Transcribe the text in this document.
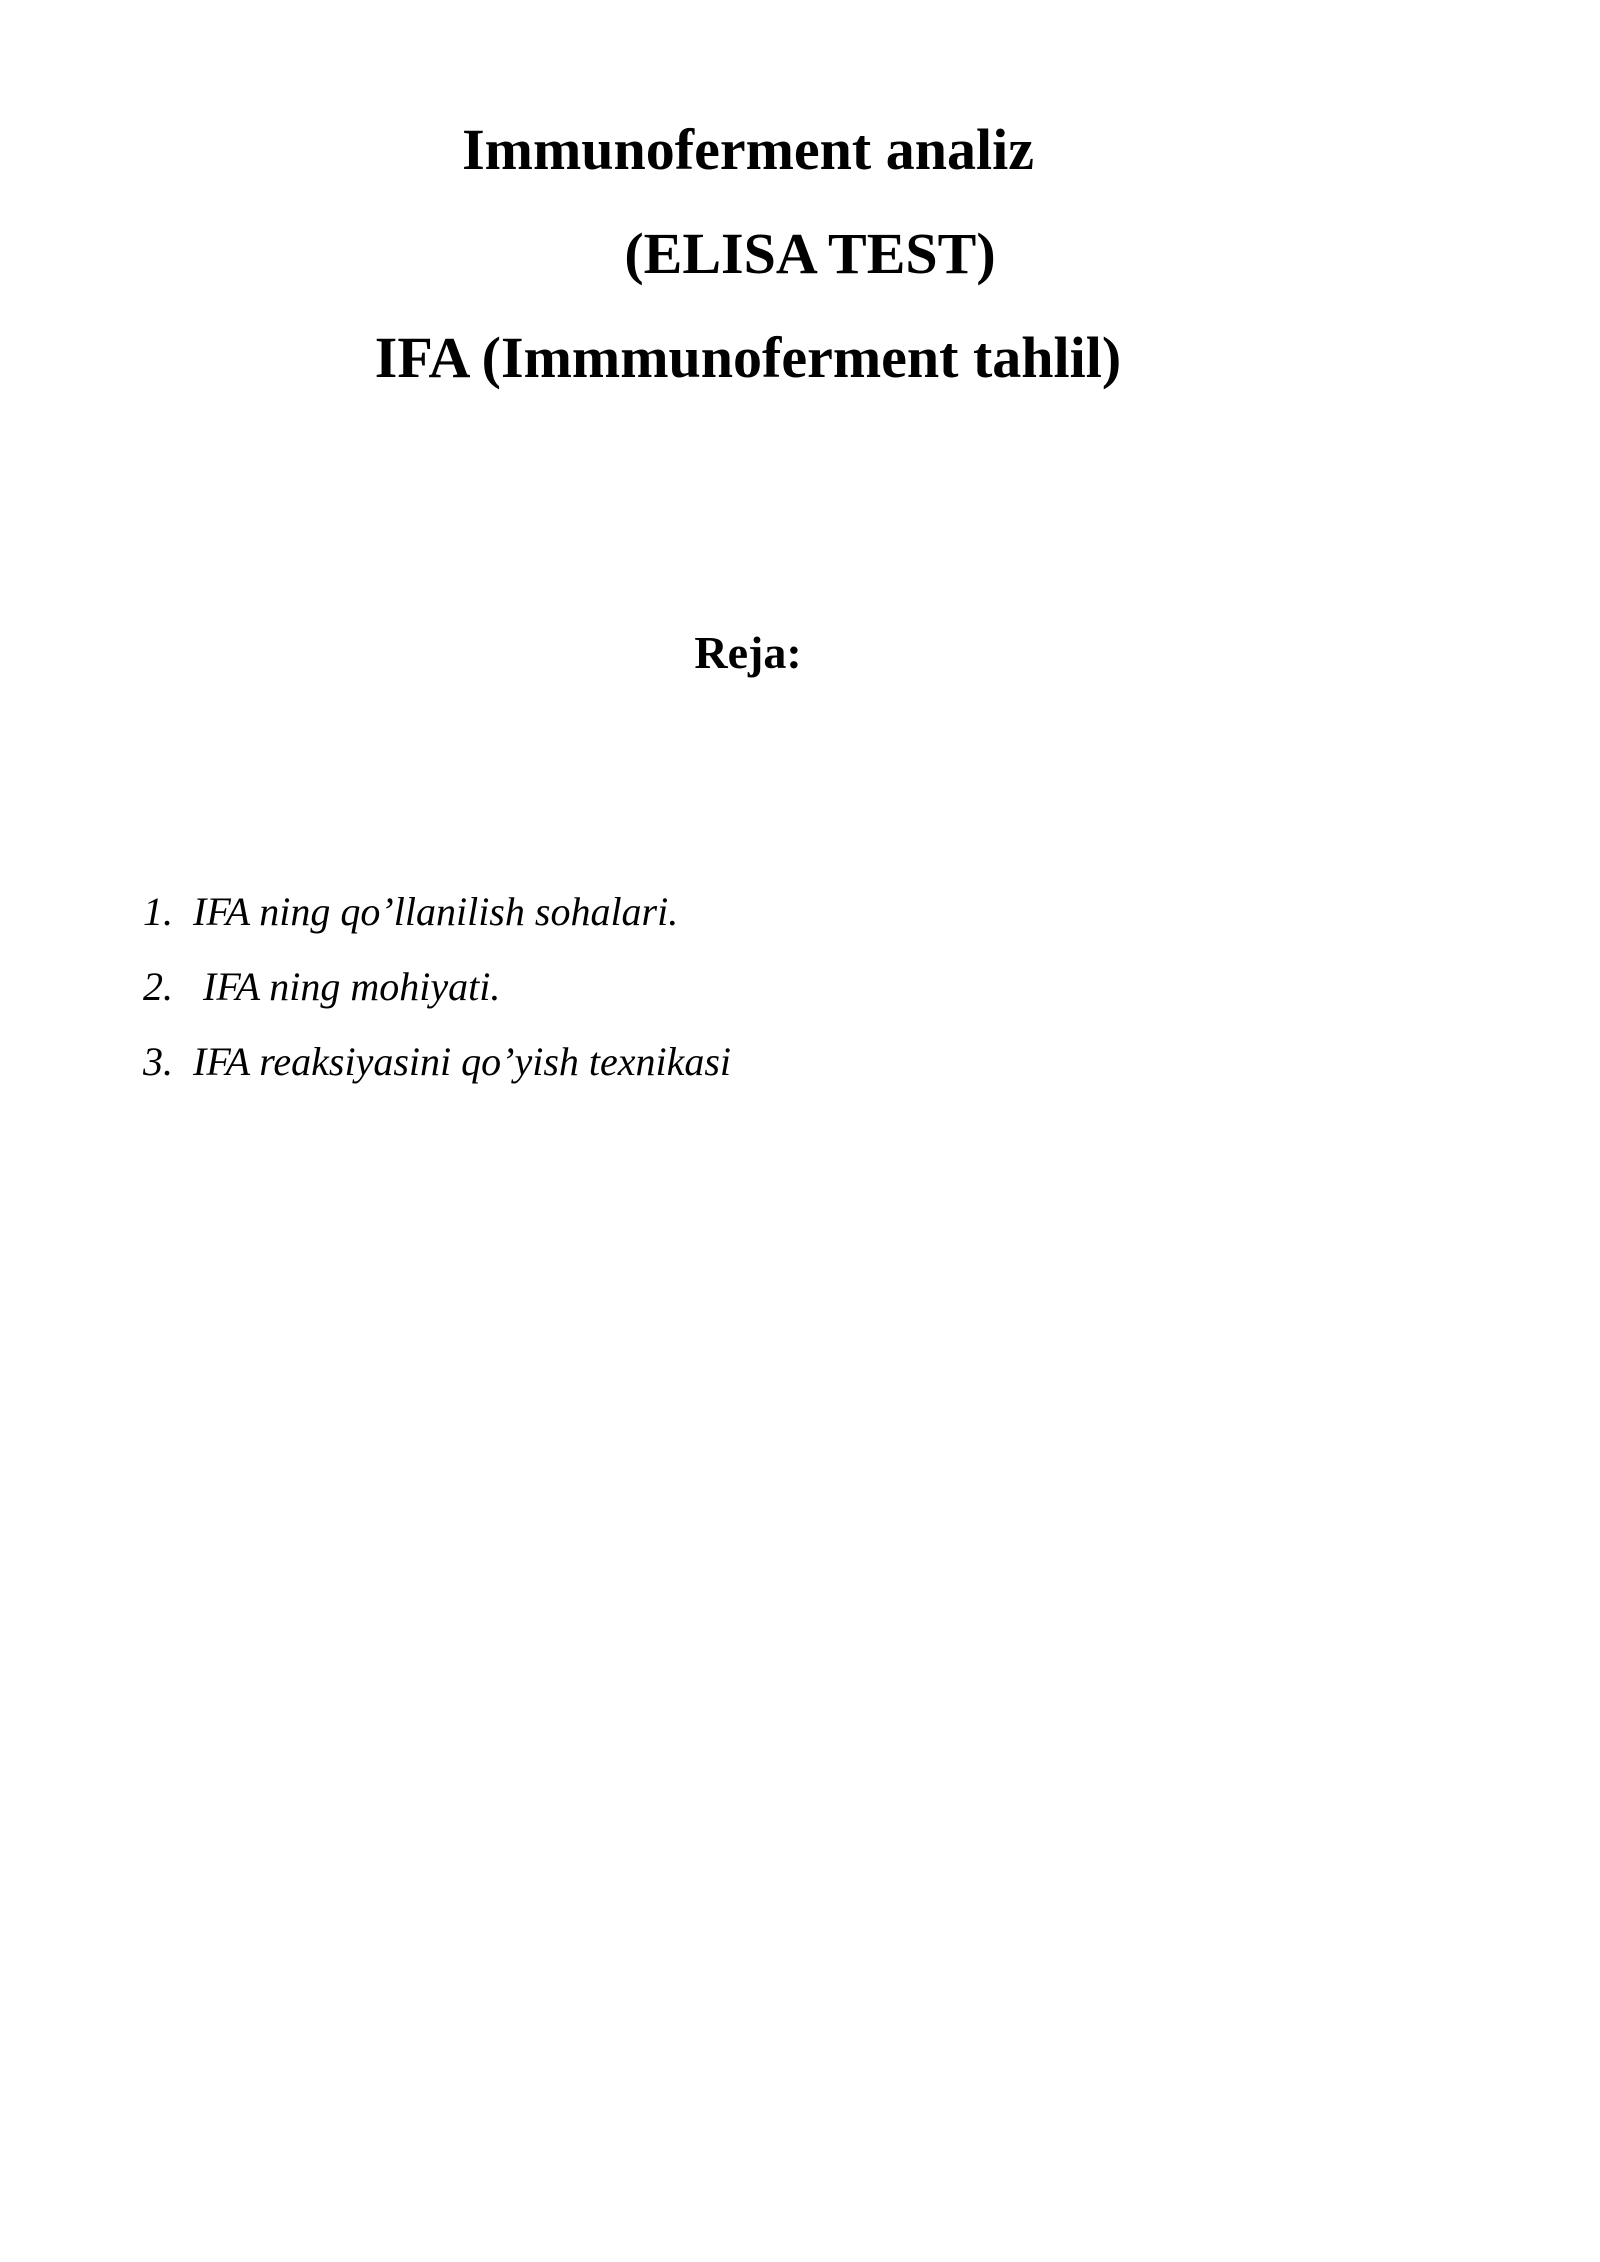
Immunoferment analiz
(ELISA TEST)
IFA (Immmunoferment tahlil)
Reja:
1. IFA ning qo’llanilish sohalari.
2. IFA ning mohiyati.
3. IFA reaksiyasini qo’yish texnikasi
